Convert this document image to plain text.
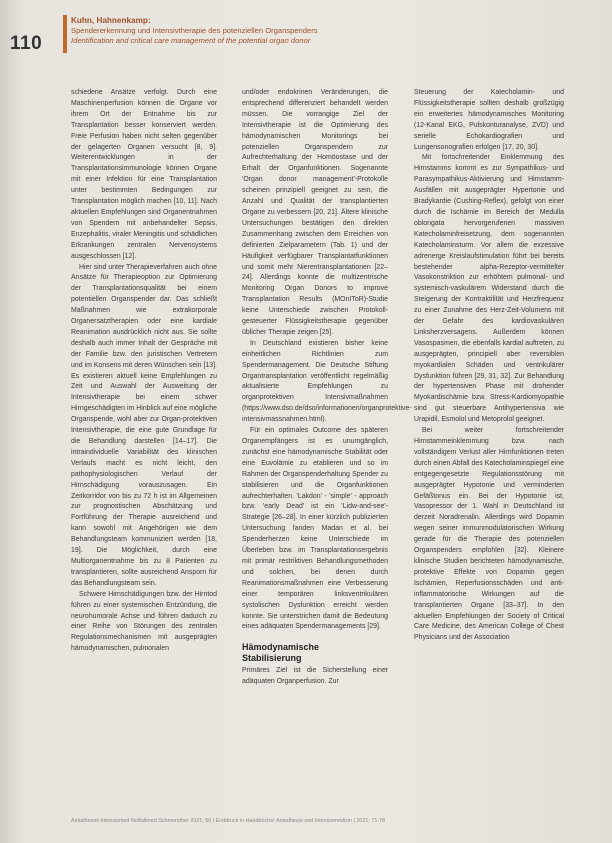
110
Kuhn, Hahnenkamp:
Spendererkennung und Intensivtherapie des potenziellen Organspenders
Identification and critical care management of the potential organ donor

schiedene Ansätze verfolgt. Durch eine Maschinenperfusion können die Organe vor ihrem Ort der Entnahme bis zur Transplantation besser konserviert werden. Freie Perfusion haben nicht selten gegenüber der gelagerten Organen versucht [8, 9]. Weiterentwicklungen in der Transplantationsimmunologie können Organe mit einer Infektion für eine Transplantation unter bestimmten Bedingungen zur Transplantation möglich machen [10, 11]. Nach aktuellen Empfehlungen sind Organentnahmen von Spendern mit anbehandelter Sepsis, Enzephalitis, viraler Meningitis und schädlichen Erkrankungen zentralen Nervensystems ausgeschlossen [12].

Hier sind unter Therapieverfahren auch ohne Ansätze für Therapieoption zur Optimierung der Transplantationsqualität bei einem potentiellen Organspender dar. Das schließt Maßnahmen wie extrakorporale Organersatztherapien oder eine kardiale Reanimation ausdrücklich nicht aus. Sie sollte deshalb auch immer Inhalt der Gespräche mit der Familie bzw. den juristischen Vertretern und im Konsens mit deren Wünschen sein [13]. Es existieren aktuell keine Empfehlungen zu Zeit und Auswahl der Ausweitung der Intensivtherapie bei einem schwer Hirngeschädigten im Hinblick auf eine mögliche Organspende, wohl aber zur Organ-protektiven Intensivtherapie, die eine gute Grundlage für die Behandlung darstellen [14–17]. Die intraindividuelle Variabilität des klinischen Verlaufs macht es nicht leicht, den pathophysiologischen Verlauf der Hirnschädigung vorauszusagen. Ein Zeitkorridor von bis zu 72 h ist im Allgemeinen zur prognostischen Abschätzung und Fortführung der Therapie ausreichend und kann sowohl mit Angehörigen wie dem Behandlungsteam kommuniziert werden [18, 19]. Die Möglichkeit, durch eine Multiorganentnahme bis zu 8 Patienten zu transplantieren, sollte ausreichend Ansporn für das Behandlungsteam sein.

Schwere Hirnschädigungen bzw. der Hirntod führen zu einer systemischen Entzündung, die neurohumorale Achse und führen dadurch zu einer Reihe von Störungen des zentralen Regulationsmechanismen mit ausgeprägten hämodynamischen, pulmonalen

und/oder endokrinen Veränderungen, die entsprechend differenziert behandelt werden müssen. Die vorrangige Ziel der Intensivtherapie ist die Optimierung des hämodynamischen Monitorings bei potenziellen Organspendern zur Aufrechterhaltung der Homöostase und der Erhalt der Organfunktionen. Sogenannte 'Organ donor management'-Protokolle scheinen prinzipiell geeignet zu sein, die Anzahl und Qualität der transplantierten Organe zu verbessern [20, 21]. Ältere klinische Untersuchungen bestätigen den direkten Zusammenhang zwischen dem Erreichen von definierten Zielparametern (Tab. 1) und der Häufigkeit verfügbarer Transplantatfunktionen und somit mehr Nierentransplantationen [22–24]. Allerdings konnte die multizentrische Monitoring Organ Donors to improve Transplantation Results (MOnIToR)-Studie keine Unterschiede zwischen Protokoll-gesteuerter Flüssigkeitstherapie gegenüber üblicher Therapie zeigen [25].

In Deutschland existieren bisher keine einheitlichen Richtlinien zum Spendermanagement. Die Deutsche Stiftung Organtransplantation veröffentlicht regelmäßig aktualisierte Empfehlungen zu organprotektiven Intensivmaßnahmen (https://www.dso.de/dso/informationen/organprotektive-intensivmassnahmen.html).

Für ein optimales Outcome des späteren Organempfängers ist es unumgänglich, zunächst eine hämodynamische Stabilität oder eine Euvolämie zu etablieren und so im Rahmen der Organspenderhaltung Spender zu stabilisieren und die Organfunktionen aufrechterhalten. 'Lakdon' - 'simple' - approach bzw. 'early Dead' ist ein 'Lidw-and-see'-Strategie [26–28]. In einer kürzlich publizierten Untersuchung fanden Madan et al. bei Spenderherzen keine Unterschiede im Überleben bzw. im Transplantationsergebnis mit primär restriktiven Behandlungsmethoden und solchen, bei denen durch Reanimationsmaßnahmen eine Verbesserung einer temporären linksventrikulären systolischen Dysfunktion erreicht werden konnte. Sie unterstrichen damit die Bedeutung eines adäquaten Spendermanagements [29].

Hämodynamische
Stabilisierung

Primäres Ziel ist die Sicherstellung einer adäquaten Organperfusion. Zur

Steuerung der Katecholamin- und Flüssigkeitstherapie sollten deshalb großzügig ein erweitertes hämodynamisches Monitoring (12-Kanal EKG, Pulskonturanalyse, ZVD) und serielle Echokardiografien und Lungensonografien erfolgen [17, 20, 30].

Mit fortschreitender Einklemmung des Hirnstamms kommt es zur Sympathikus- und Parasympathikus-Aktivierung und Hirnstamm-Ausfällen mit ausgeprägter Hypertonie und Bradykardie (Cushing-Reflex), gefolgt von einer durch die Ischämie im Bereich der Medulla oblongata hervorgerufenen massiven Katecholaminfreisetzung, dem sogenannten Katecholaminsturm. Vor allem die exzessive adrenerge Kreislaufstimulation führt bei bereits bestehender alpha-Rezeptor-vermittelter Vasokonstriktion zur erhöhtem pulmonal- und systemisch-vaskulärem Widerstand durch die Steigerung der Kontraktilität und Herzfrequenz zu einer Zunahme des Herz-Zeit-Volumens mit der Gefahr des kardiovaskulären Linksherzversagens. Außerdem können Vasospasmen, die ebenfalls kardial auftreten, zu ausgeprägten, principiell aber reversiblen myokardialen Schäden und ventrikulärer Dysfunktion führen [29, 31, 32]. Zur Behandlung der hypertensiven Phase mit drohender Myokardischämie bzw. Stress-Kardiomyopathie sind gut steuerbare Antihypertensiva wie Urapidil, Esmolol und Metoprolol geeignet.

Bei weiter fortschreitender Hirnstammeinklemmung bzw. nach vollständigem Verlust aller Hirnfunktionen treten durch einen Abfall des Katecholaminspiegel eine entgegengesetzte Regulationsstörung mit ausgeprägter Hypotonie und verminderten Gefäßtonus ein. Bei der Hypotonie ist, Vasopressor der 1. Wahl in Deutschland ist derzeit Noradrenalin. Allerdings wird Dopamin wegen seiner immunmodulatorischen Wirkung gerade für die Therapie des potenziellen Organspenders empfohlen [32]. Kleinere klinische Studien berichteten hämodynamische, protektive Effekte von Dopamin gegen Ischämien, Reperfusionsschäden und anti-inflammatorische Wirkungen auf die transplantierten Organe [33–37]. In den aktuellen Empfehlungen der Society of Critical Care Medicine, des American College of Chest Physicians und der Association

Anästhesiol Intensivmed Notfallmed Schmerzther 2021; 56 | Erstdruck in Handbücher Anästhesie und Intensivmedizin | 2021; 71-78
